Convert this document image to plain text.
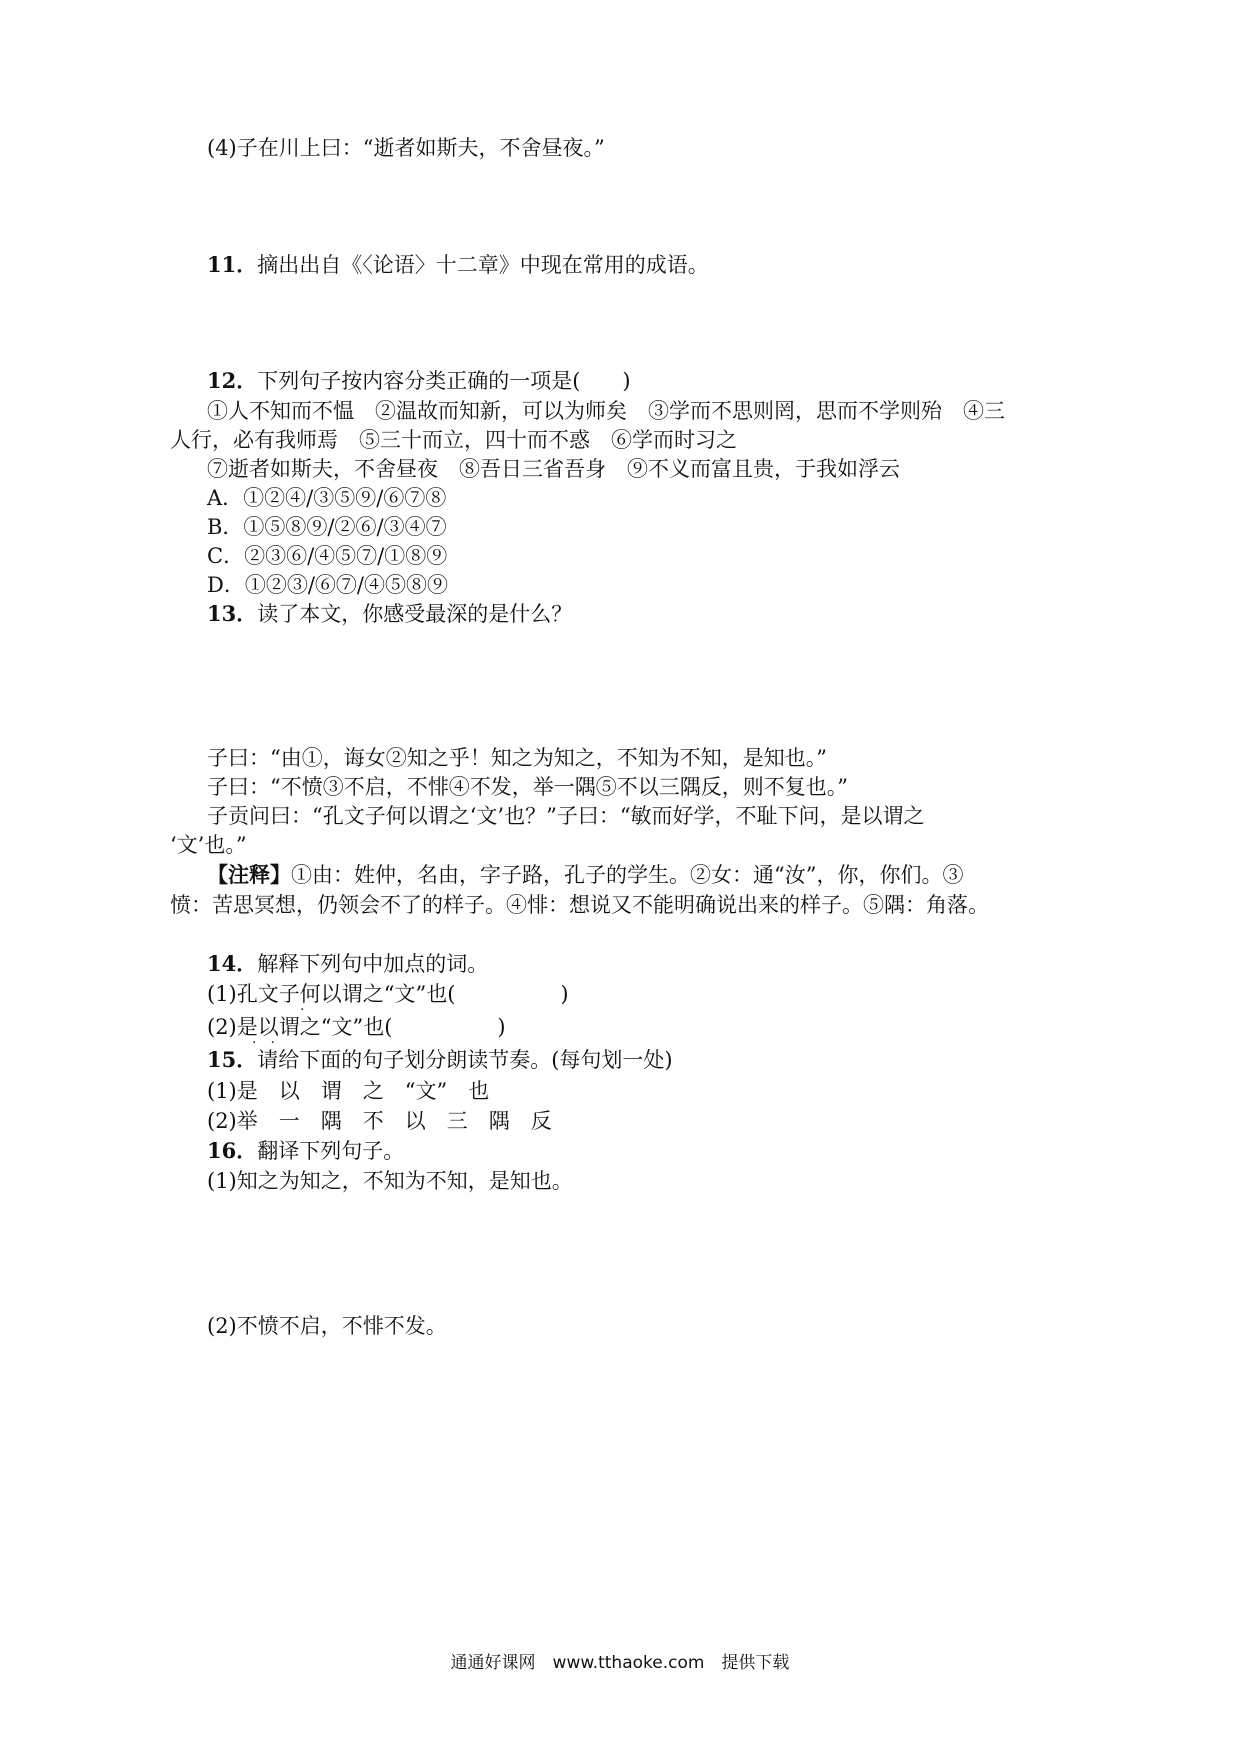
(4)子在川上曰：“逝者如斯夫，不舍昼夜。”
11．摘出出自《〈论语〉十二章》中现在常用的成语。
12．下列句子按内容分类正确的一项是(　　)
①人不知而不愠　②温故而知新，可以为师矣　③学而不思则罔，思而不学则殆　④三
人行，必有我师焉　⑤三十而立，四十而不惑　⑥学而时习之
⑦逝者如斯夫，不舍昼夜　⑧吾日三省吾身　⑨不义而富且贵，于我如浮云
A．①②④/③⑤⑨/⑥⑦⑧
B．①⑤⑧⑨/②⑥/③④⑦
C．②③⑥/④⑤⑦/①⑧⑨
D．①②③/⑥⑦/④⑤⑧⑨
13．读了本文，你感受最深的是什么？
子曰：“由①，诲女②知之乎！知之为知之，不知为不知，是知也。”
子曰：“不愤③不启，不悱④不发，举一隅⑤不以三隅反，则不复也。”
子贡问曰：“孔文子何以谓之‘文’也？”子曰：“敏而好学，不耻下问，是以谓之
‘文’也。”
【注释】①由：姓仲，名由，字子路，孔子的学生。②女：通“汝”，你，你们。③
愤：苦思冥想，仍领会不了的样子。④悱：想说又不能明确说出来的样子。⑤隅：角落。
14．解释下列句中加点的词。
(1)孔文子何以谓之“文”也(　　　　　)
·
(2)是以谓之“文”也(　　　　　)
·　·
15．请给下面的句子划分朗读节奏。(每句划一处)
(1)是　以　谓　之　“文”　也
(2)举　一　隅　不　以　三　隅　反
16．翻译下列句子。
(1)知之为知之，不知为不知，是知也。
(2)不愤不启，不悱不发。
通通好课网　www.tthaoke.com　提供下载
